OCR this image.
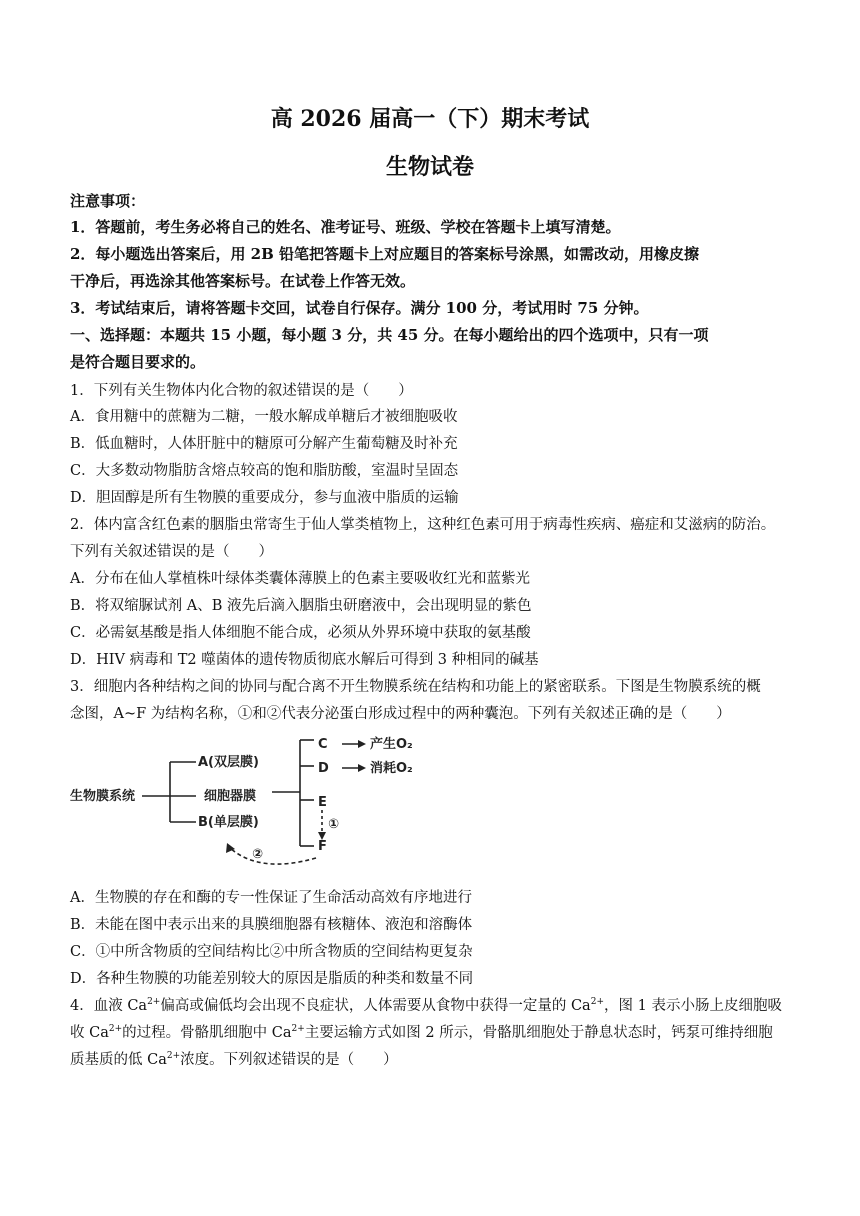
高 2026 届高一（下）期末考试
生物试卷
注意事项：
1．答题前，考生务必将自己的姓名、准考证号、班级、学校在答题卡上填写清楚。
2．每小题选出答案后，用 2B 铅笔把答题卡上对应题目的答案标号涂黑，如需改动，用橡皮擦
干净后，再选涂其他答案标号。在试卷上作答无效。
3．考试结束后，请将答题卡交回，试卷自行保存。满分 100 分，考试用时 75 分钟。
一、选择题：本题共 15 小题，每小题 3 分，共 45 分。在每小题给出的四个选项中，只有一项
是符合题目要求的。
1．下列有关生物体内化合物的叙述错误的是（　　）
A．食用糖中的蔗糖为二糖，一般水解成单糖后才被细胞吸收
B．低血糖时，人体肝脏中的糖原可分解产生葡萄糖及时补充
C．大多数动物脂肪含熔点较高的饱和脂肪酸，室温时呈固态
D．胆固醇是所有生物膜的重要成分，参与血液中脂质的运输
2．体内富含红色素的胭脂虫常寄生于仙人掌类植物上，这种红色素可用于病毒性疾病、癌症和艾滋病的防治。
下列有关叙述错误的是（　　）
A．分布在仙人掌植株叶绿体类囊体薄膜上的色素主要吸收红光和蓝紫光
B．将双缩脲试剂 A、B 液先后滴入胭脂虫研磨液中，会出现明显的紫色
C．必需氨基酸是指人体细胞不能合成，必须从外界环境中获取的氨基酸
D．HIV 病毒和 T2 噬菌体的遗传物质彻底水解后可得到 3 种相同的碱基
3．细胞内各种结构之间的协同与配合离不开生物膜系统在结构和功能上的紧密联系。下图是生物膜系统的概
念图，A~F 为结构名称，①和②代表分泌蛋白形成过程中的两种囊泡。下列有关叙述正确的是（　　）
生物膜系统
A(双层膜)
细胞器膜
B(单层膜)
C	产生O₂
D	消耗O₂
E
F
①
②
A．生物膜的存在和酶的专一性保证了生命活动高效有序地进行
B．未能在图中表示出来的具膜细胞器有核糖体、液泡和溶酶体
C．①中所含物质的空间结构比②中所含物质的空间结构更复杂
D．各种生物膜的功能差别较大的原因是脂质的种类和数量不同
4．血液 $Ca^{2+}$偏高或偏低均会出现不良症状，人体需要从食物中获得一定量的 $Ca^{2+}$，图 1 表示小肠上皮细胞吸
收 $Ca^{2+}$的过程。骨骼肌细胞中 $Ca^{2+}$主要运输方式如图 2 所示，骨骼肌细胞处于静息状态时，钙泵可维持细胞
质基质的低 $Ca^{2+}$浓度。下列叙述错误的是（　　）
